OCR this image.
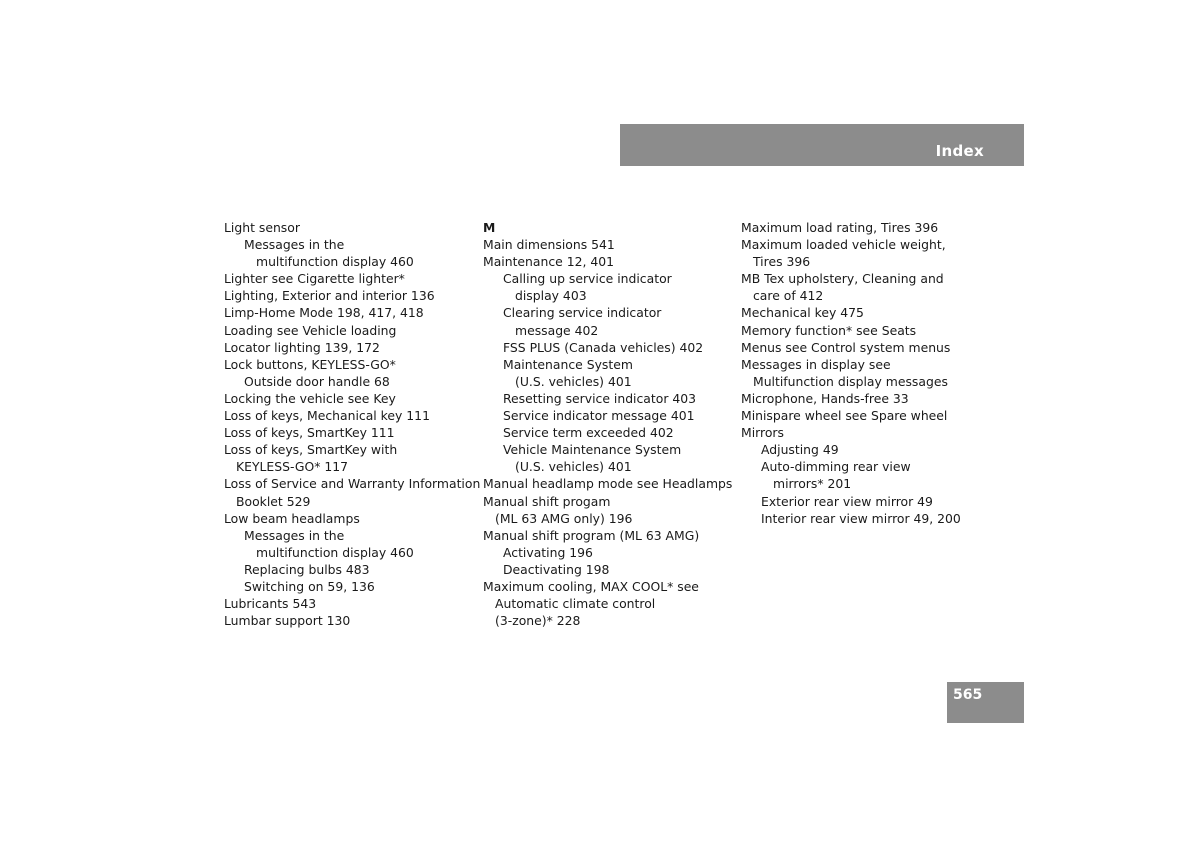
Index
Light sensor
Messages in the
multifunction display 460
Lighter see Cigarette lighter*
Lighting, Exterior and interior 136
Limp-Home Mode 198, 417, 418
Loading see Vehicle loading
Locator lighting 139, 172
Lock buttons, KEYLESS-GO*
Outside door handle 68
Locking the vehicle see Key
Loss of keys, Mechanical key 111
Loss of keys, SmartKey 111
Loss of keys, SmartKey with
KEYLESS-GO* 117
Loss of Service and Warranty Information
Booklet 529
Low beam headlamps
Messages in the
multifunction display 460
Replacing bulbs 483
Switching on 59, 136
Lubricants 543
Lumbar support 130
M
Main dimensions 541
Maintenance 12, 401
Calling up service indicator
display 403
Clearing service indicator
message 402
FSS PLUS (Canada vehicles) 402
Maintenance System
(U.S. vehicles) 401
Resetting service indicator 403
Service indicator message 401
Service term exceeded 402
Vehicle Maintenance System
(U.S. vehicles) 401
Manual headlamp mode see Headlamps
Manual shift progam
(ML 63 AMG only) 196
Manual shift program (ML 63 AMG)
Activating 196
Deactivating 198
Maximum cooling, MAX COOL* see
Automatic climate control
(3-zone)* 228
Maximum load rating, Tires 396
Maximum loaded vehicle weight,
Tires 396
MB Tex upholstery, Cleaning and
care of 412
Mechanical key 475
Memory function* see Seats
Menus see Control system menus
Messages in display see
Multifunction display messages
Microphone, Hands-free 33
Minispare wheel see Spare wheel
Mirrors
Adjusting 49
Auto-dimming rear view
mirrors* 201
Exterior rear view mirror 49
Interior rear view mirror 49, 200
565
